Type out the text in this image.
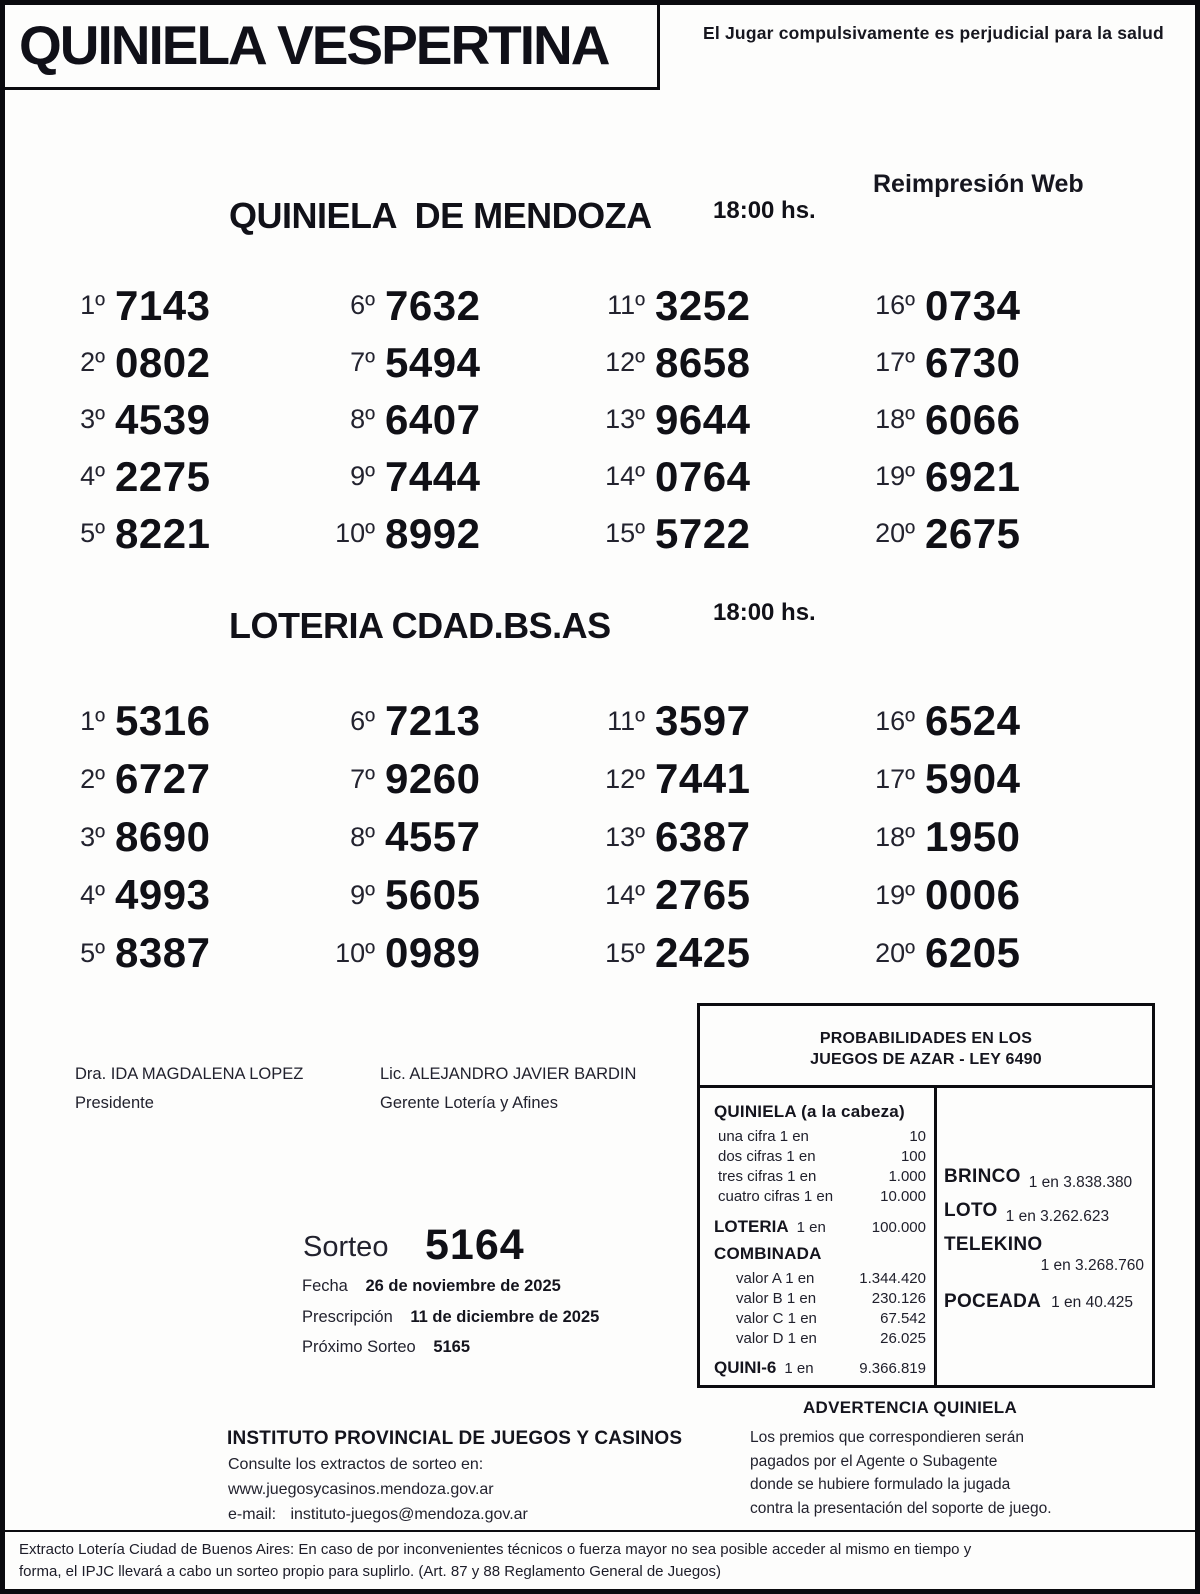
QUINIELA VESPERTINA	El Jugar compulsivamente es perjudicial para la salud
Reimpresión Web
QUINIELA  DE MENDOZA	18:00 hs.
1º 7143
2º 0802
3º 4539
4º 2275
5º 8221
6º 7632
7º 5494
8º 6407
9º 7444
10º 8992
11º 3252
12º 8658
13º 9644
14º 0764
15º 5722
16º 0734
17º 6730
18º 6066
19º 6921
20º 2675
LOTERIA CDAD.BS.AS	18:00 hs.
1º 5316
2º 6727
3º 8690
4º 4993
5º 8387
6º 7213
7º 9260
8º 4557
9º 5605
10º 0989
11º 3597
12º 7441
13º 6387
14º 2765
15º 2425
16º 6524
17º 5904
18º 1950
19º 0006
20º 6205
Dra. IDA MAGDALENA LOPEZ
Presidente
Lic. ALEJANDRO JAVIER BARDIN
Gerente Lotería y Afines
PROBABILIDADES EN LOS
JUEGOS DE AZAR - LEY 6490
QUINIELA (a la cabeza)
una cifra 1 en	10
dos cifras 1 en	100
tres cifras 1 en	1.000
cuatro cifras 1 en	10.000
LOTERIA 1 en	100.000
COMBINADA
valor A 1 en	1.344.420
valor B 1 en	230.126
valor C 1 en	67.542
valor D 1 en	26.025
QUINI-6 1 en	9.366.819
BRINCO 1 en 3.838.380
LOTO 1 en 3.262.623
TELEKINO
1 en 3.268.760
POCEADA 1 en 40.425
Sorteo 5164
Fecha 26 de noviembre de 2025
Prescripción 11 de diciembre de 2025
Próximo Sorteo 5165
INSTITUTO PROVINCIAL DE JUEGOS Y CASINOS
Consulte los extractos de sorteo en:
www.juegosycasinos.mendoza.gov.ar
e-mail: instituto-juegos@mendoza.gov.ar
ADVERTENCIA QUINIELA
Los premios que correspondieren serán
pagados por el Agente o Subagente
donde se hubiere formulado la jugada
contra la presentación del soporte de juego.
Extracto Lotería Ciudad de Buenos Aires: En caso de por inconvenientes técnicos o fuerza mayor no sea posible acceder al mismo en tiempo y
forma, el IPJC llevará a cabo un sorteo propio para suplirlo. (Art. 87 y 88 Reglamento General de Juegos)
